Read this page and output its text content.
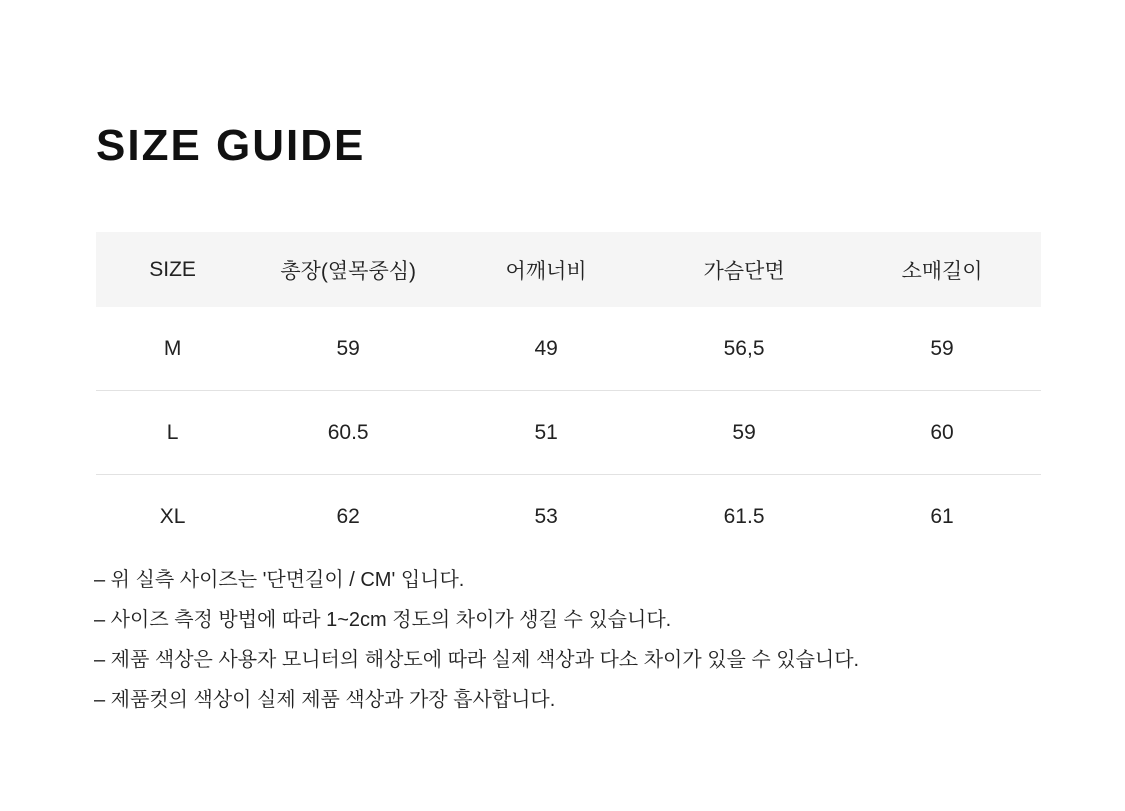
SIZE GUIDE
SIZE	총장(옆목중심)	어깨너비	가슴단면	소매길이
M	59	49	56,5	59
L	60.5	51	59	60
XL	62	53	61.5	61
– 위 실측 사이즈는 '단면길이 / CM' 입니다.
– 사이즈 측정 방법에 따라 1~2cm 정도의 차이가 생길 수 있습니다.
– 제품 색상은 사용자 모니터의 해상도에 따라 실제 색상과 다소 차이가 있을 수 있습니다.
– 제품컷의 색상이 실제 제품 색상과 가장 흡사합니다.
